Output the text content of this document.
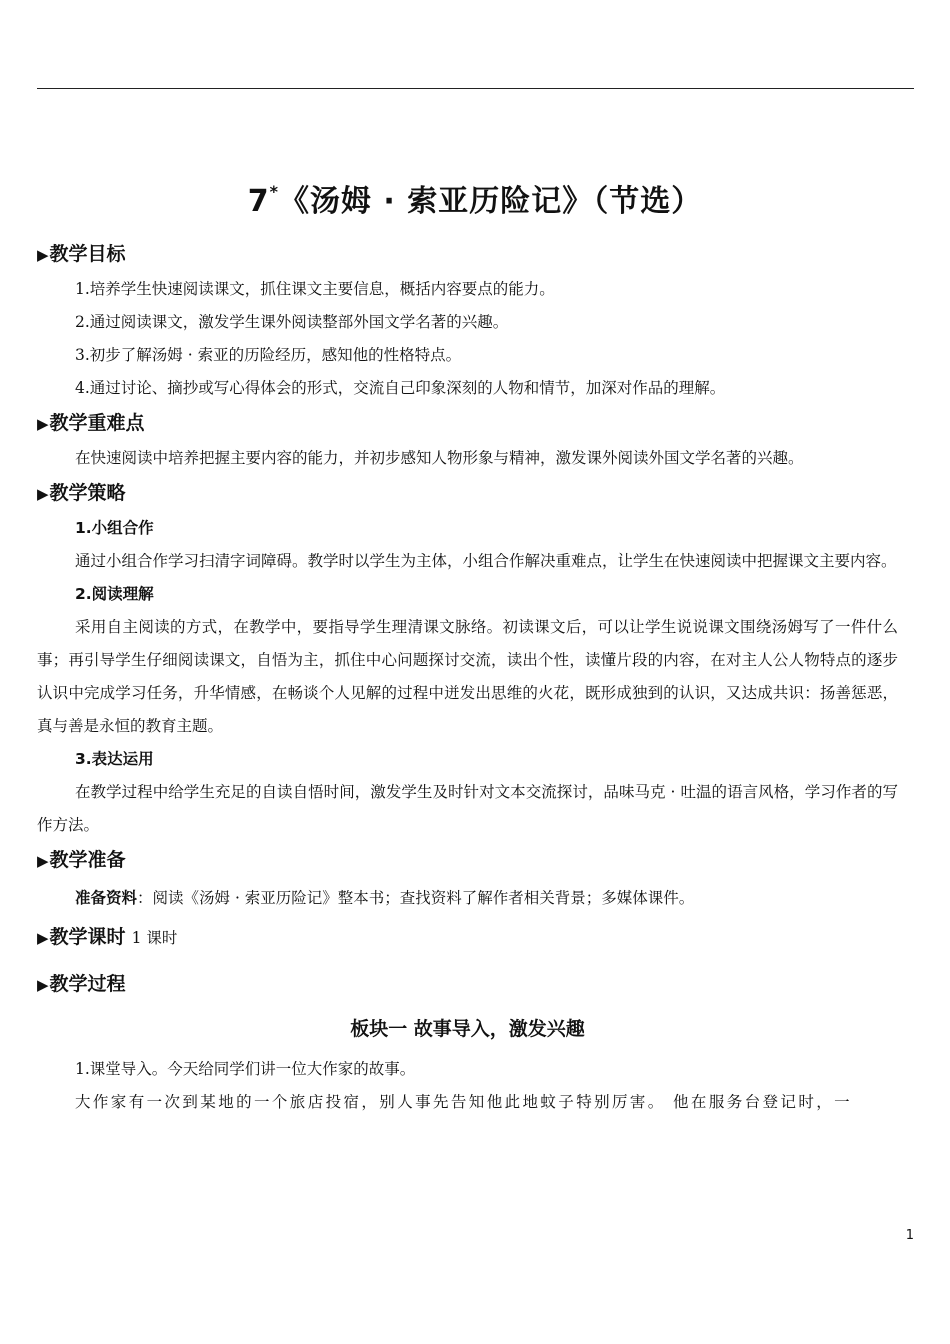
7*《汤姆 · 索亚历险记》（节选）
▶教学目标

1.培养学生快速阅读课文，抓住课文主要信息，概括内容要点的能力。

2.通过阅读课文，激发学生课外阅读整部外国文学名著的兴趣。

3.初步了解汤姆 · 索亚的历险经历，感知他的性格特点。

4.通过讨论、摘抄或写心得体会的形式，交流自己印象深刻的人物和情节，加深对作品的理解。

▶教学重难点

在快速阅读中培养把握主要内容的能力，并初步感知人物形象与精神，激发课外阅读外国文学名著的兴趣。

▶教学策略
1.小组合作

通过小组合作学习扫清字词障碍。教学时以学生为主体，小组合作解决重难点，让学生在快速阅读中把握课文主要内容。

2.阅读理解

采用自主阅读的方式，在教学中，要指导学生理清课文脉络。初读课文后，可以让学生说说课文围绕汤姆写了一件什么事；再引导学生仔细阅读课文，自悟为主，抓住中心问题探讨交流，读出个性，读懂片段的内容，在对主人公人物特点的逐步认识中完成学习任务，升华情感，在畅谈个人见解的过程中迸发出思维的火花，既形成独到的认识，又达成共识：扬善惩恶，真与善是永恒的教育主题。

3.表达运用

在教学过程中给学生充足的自读自悟时间，激发学生及时针对文本交流探讨，品味马克 · 吐温的语言风格，学习作者的写作方法。

▶教学准备

准备资料：阅读《汤姆 · 索亚历险记》整本书；查找资料了解作者相关背景；多媒体课件。

▶教学课时 1 课时
▶教学过程
板块一 故事导入，激发兴趣

1.课堂导入。今天给同学们讲一位大作家的故事。

大作家有一次到某地的一个旅店投宿，别人事先告知他此地蚊子特别厉害。 他在服务台登记时，一

1
